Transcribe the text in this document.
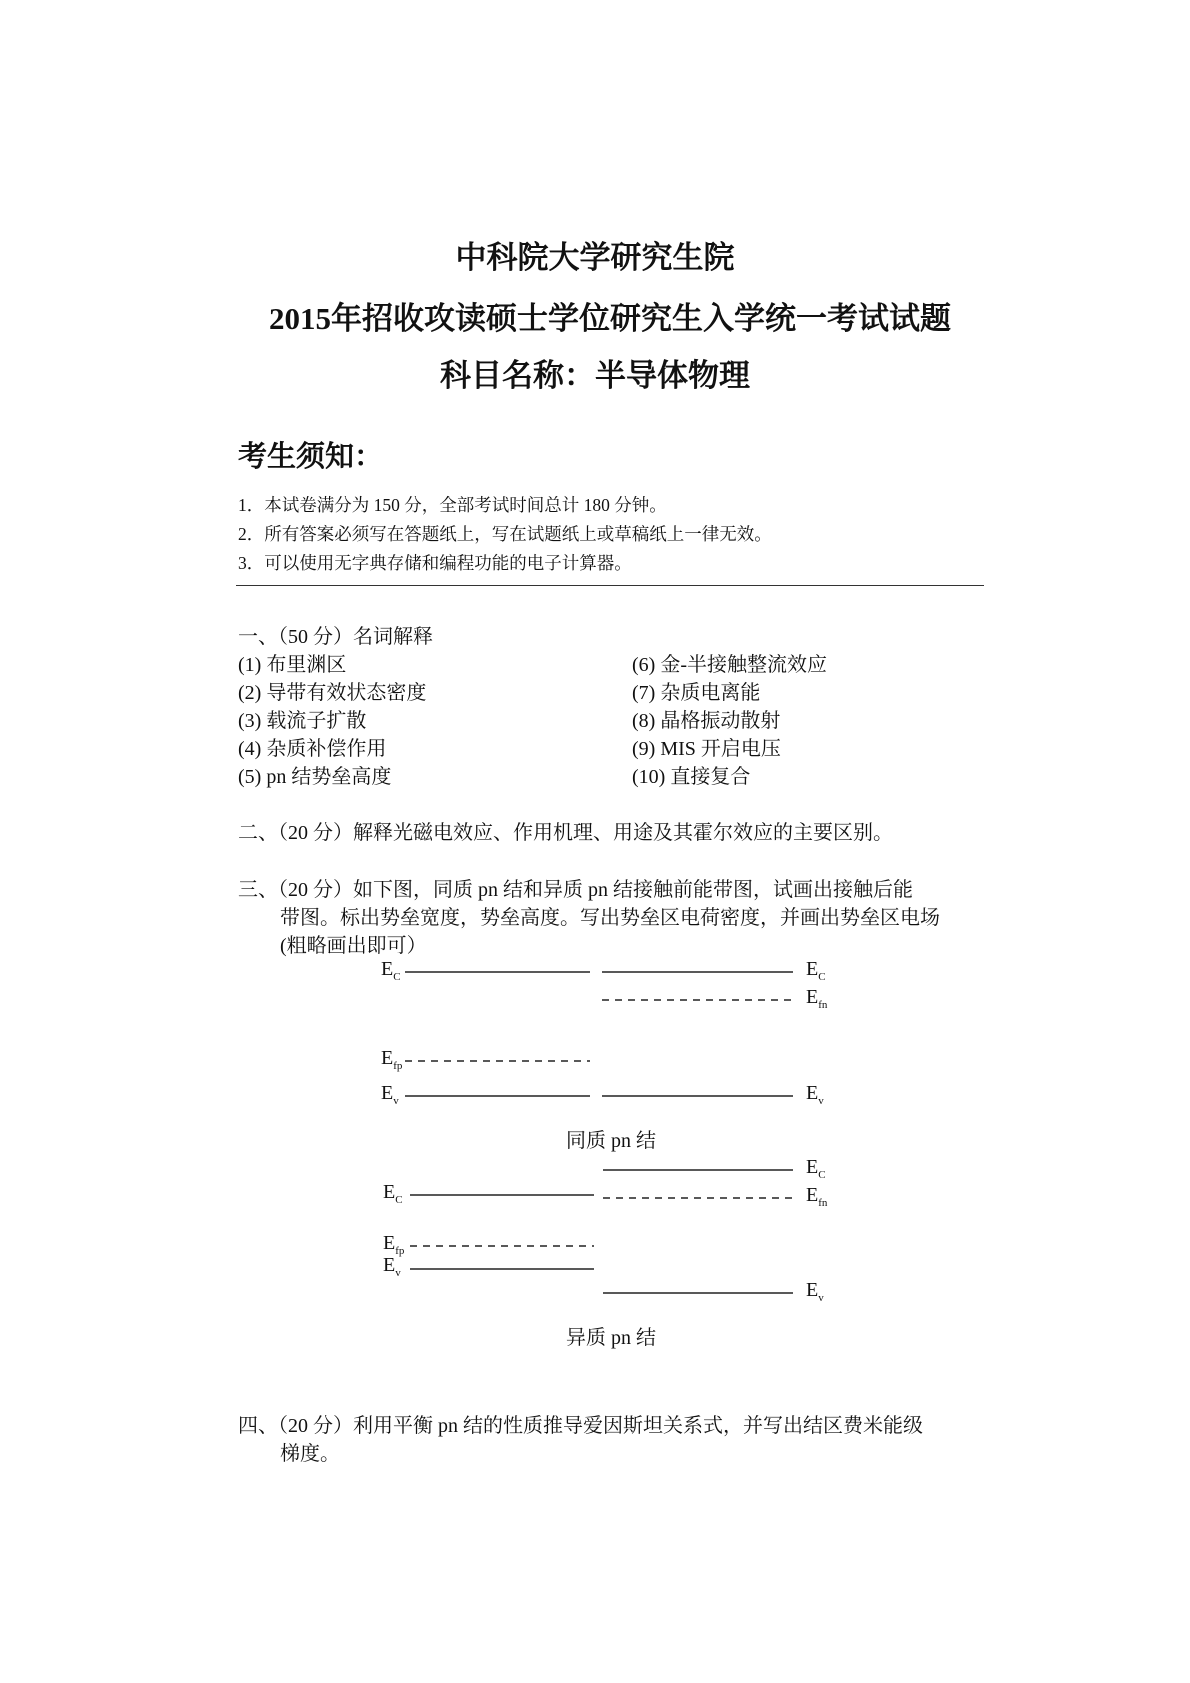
中科院大学研究生院
2015年招收攻读硕士学位研究生入学统一考试试题
科目名称：半导体物理
考生须知：
1．本试卷满分为 150 分，全部考试时间总计 180 分钟。
2．所有答案必须写在答题纸上，写在试题纸上或草稿纸上一律无效。
3．可以使用无字典存储和编程功能的电子计算器。
一、（50 分）名词解释
(1) 布里渊区
(2) 导带有效状态密度
(3) 载流子扩散
(4) 杂质补偿作用
(5) pn 结势垒高度
(6) 金-半接触整流效应
(7) 杂质电离能
(8) 晶格振动散射
(9) MIS 开启电压
(10) 直接复合
二、（20 分）解释光磁电效应、作用机理、用途及其霍尔效应的主要区别。
三、（20 分）如下图，同质 pn 结和异质 pn 结接触前能带图，试画出接触后能
带图。标出势垒宽度，势垒高度。写出势垒区电荷密度，并画出势垒区电场
(粗略画出即可）
$E_C$	$E_C$
$E_{fn}$
$E_{fp}$
$E_v$	$E_v$
同质 pn 结
$E_C$
$E_C$	$E_{fn}$
$E_{fp}$
$E_v$
$E_v$
异质 pn 结
四、（20 分）利用平衡 pn 结的性质推导爱因斯坦关系式，并写出结区费米能级
梯度。
